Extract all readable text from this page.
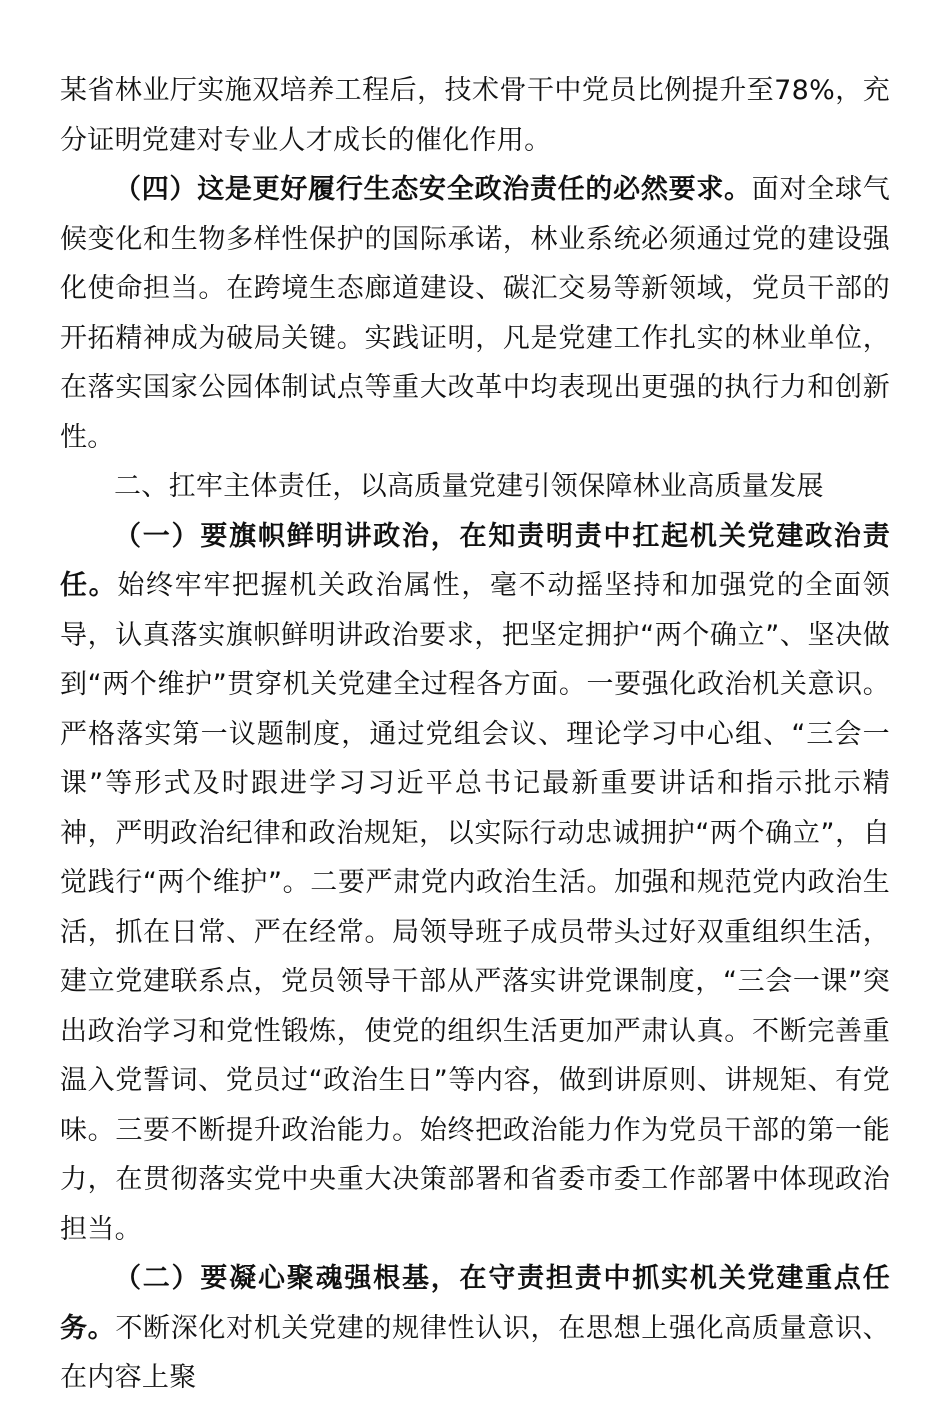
某省林业厅实施双培养工程后，技术骨干中党员比例提升至78%，充分证明党建对专业人才成长的催化作用。

（四）这是更好履行生态安全政治责任的必然要求。面对全球气候变化和生物多样性保护的国际承诺，林业系统必须通过党的建设强化使命担当。在跨境生态廊道建设、碳汇交易等新领域，党员干部的开拓精神成为破局关键。实践证明，凡是党建工作扎实的林业单位，在落实国家公园体制试点等重大改革中均表现出更强的执行力和创新性。

二、扛牢主体责任，以高质量党建引领保障林业高质量发展

（一）要旗帜鲜明讲政治，在知责明责中扛起机关党建政治责任。始终牢牢把握机关政治属性，毫不动摇坚持和加强党的全面领导，认真落实旗帜鲜明讲政治要求，把坚定拥护“两个确立”、坚决做到“两个维护”贯穿机关党建全过程各方面。一要强化政治机关意识。严格落实第一议题制度，通过党组会议、理论学习中心组、“三会一课”等形式及时跟进学习习近平总书记最新重要讲话和指示批示精神，严明政治纪律和政治规矩，以实际行动忠诚拥护“两个确立”，自觉践行“两个维护”。二要严肃党内政治生活。加强和规范党内政治生活，抓在日常、严在经常。局领导班子成员带头过好双重组织生活，建立党建联系点，党员领导干部从严落实讲党课制度，“三会一课”突出政治学习和党性锻炼，使党的组织生活更加严肃认真。不断完善重温入党誓词、党员过“政治生日”等内容，做到讲原则、讲规矩、有党味。三要不断提升政治能力。始终把政治能力作为党员干部的第一能力，在贯彻落实党中央重大决策部署和省委市委工作部署中体现政治担当。

（二）要凝心聚魂强根基，在守责担责中抓实机关党建重点任务。不断深化对机关党建的规律性认识，在思想上强化高质量意识、在内容上聚
